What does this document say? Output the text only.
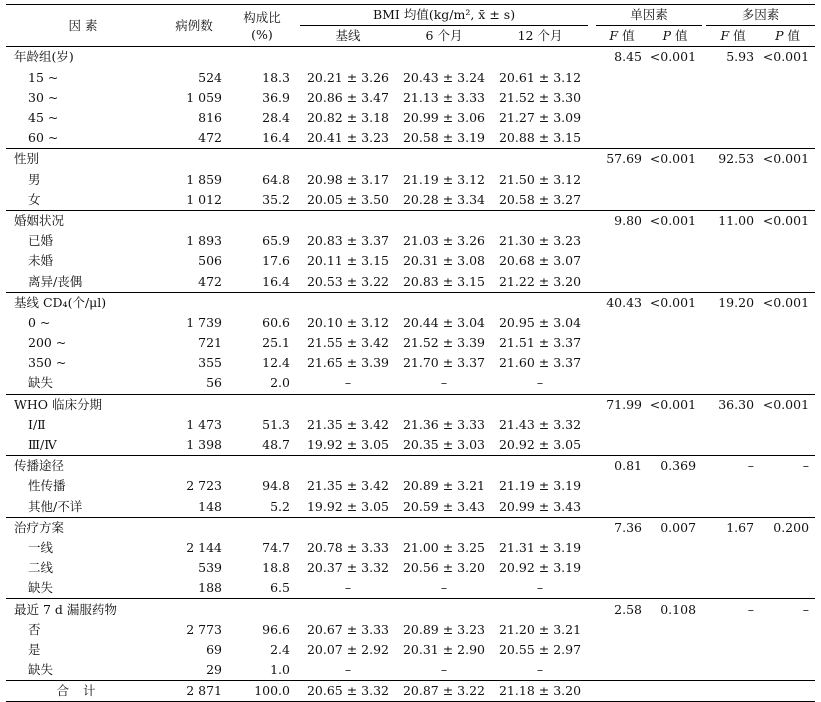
因 素	病例数	构成比
(%)		BMI 均值(kg/m², x̄ ± s)				单因素			多因素	
				基线	6 个月	12 个月		F 值	P 值		F 值	P 值
年龄组(岁)								8.45	<0.001		5.93	<0.001
15 ~	524	18.3		20.21 ± 3.26	20.43 ± 3.24	20.61 ± 3.12						
30 ~	1 059	36.9		20.86 ± 3.47	21.13 ± 3.33	21.52 ± 3.30						
45 ~	816	28.4		20.82 ± 3.18	20.99 ± 3.06	21.27 ± 3.09						
60 ~	472	16.4		20.41 ± 3.23	20.58 ± 3.19	20.88 ± 3.15						
性别								57.69	<0.001		92.53	<0.001
男	1 859	64.8		20.98 ± 3.17	21.19 ± 3.12	21.50 ± 3.12						
女	1 012	35.2		20.05 ± 3.50	20.28 ± 3.34	20.58 ± 3.27						
婚姻状况								9.80	<0.001		11.00	<0.001
已婚	1 893	65.9		20.83 ± 3.37	21.03 ± 3.26	21.30 ± 3.23						
未婚	506	17.6		20.11 ± 3.15	20.31 ± 3.08	20.68 ± 3.07						
离异/丧偶	472	16.4		20.53 ± 3.22	20.83 ± 3.15	21.22 ± 3.20						
基线 CD₄(个/μl)								40.43	<0.001		19.20	<0.001
0 ~	1 739	60.6		20.10 ± 3.12	20.44 ± 3.04	20.95 ± 3.04						
200 ~	721	25.1		21.55 ± 3.42	21.52 ± 3.39	21.51 ± 3.37						
350 ~	355	12.4		21.65 ± 3.39	21.70 ± 3.37	21.60 ± 3.37						
缺失	56	2.0		–	–	–						
WHO 临床分期								71.99	<0.001		36.30	<0.001
Ⅰ/Ⅱ	1 473	51.3		21.35 ± 3.42	21.36 ± 3.33	21.43 ± 3.32						
Ⅲ/Ⅳ	1 398	48.7		19.92 ± 3.05	20.35 ± 3.03	20.92 ± 3.05						
传播途径								0.81	0.369		–	–
性传播	2 723	94.8		21.35 ± 3.42	20.89 ± 3.21	21.19 ± 3.19						
其他/不详	148	5.2		19.92 ± 3.05	20.59 ± 3.43	20.99 ± 3.43						
治疗方案								7.36	0.007		1.67	0.200
一线	2 144	74.7		20.78 ± 3.33	21.00 ± 3.25	21.31 ± 3.19						
二线	539	18.8		20.37 ± 3.32	20.56 ± 3.20	20.92 ± 3.19						
缺失	188	6.5		–	–	–						
最近 7 d 漏服药物								2.58	0.108		–	–
否	2 773	96.6		20.67 ± 3.33	20.89 ± 3.23	21.20 ± 3.21						
是	69	2.4		20.07 ± 2.92	20.31 ± 2.90	20.55 ± 2.97						
缺失	29	1.0		–	–	–						
合计	2 871	100.0		20.65 ± 3.32	20.87 ± 3.22	21.18 ± 3.20						
